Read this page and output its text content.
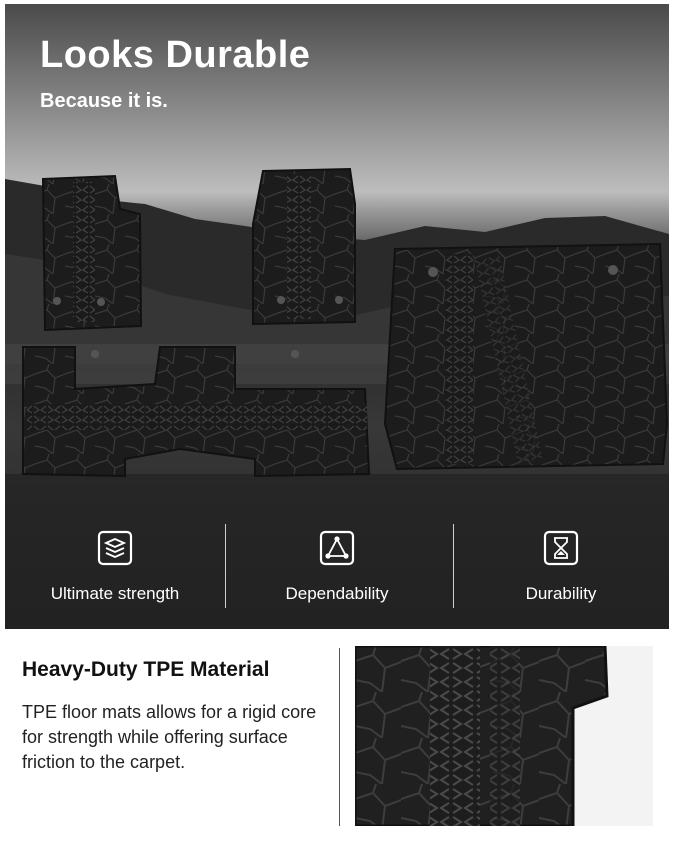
Looks Durable
Because it is.
Ultimate strength	Dependability	Durability
Heavy-Duty TPE Material
TPE floor mats allows for a rigid core for strength while offering surface friction to the carpet.
